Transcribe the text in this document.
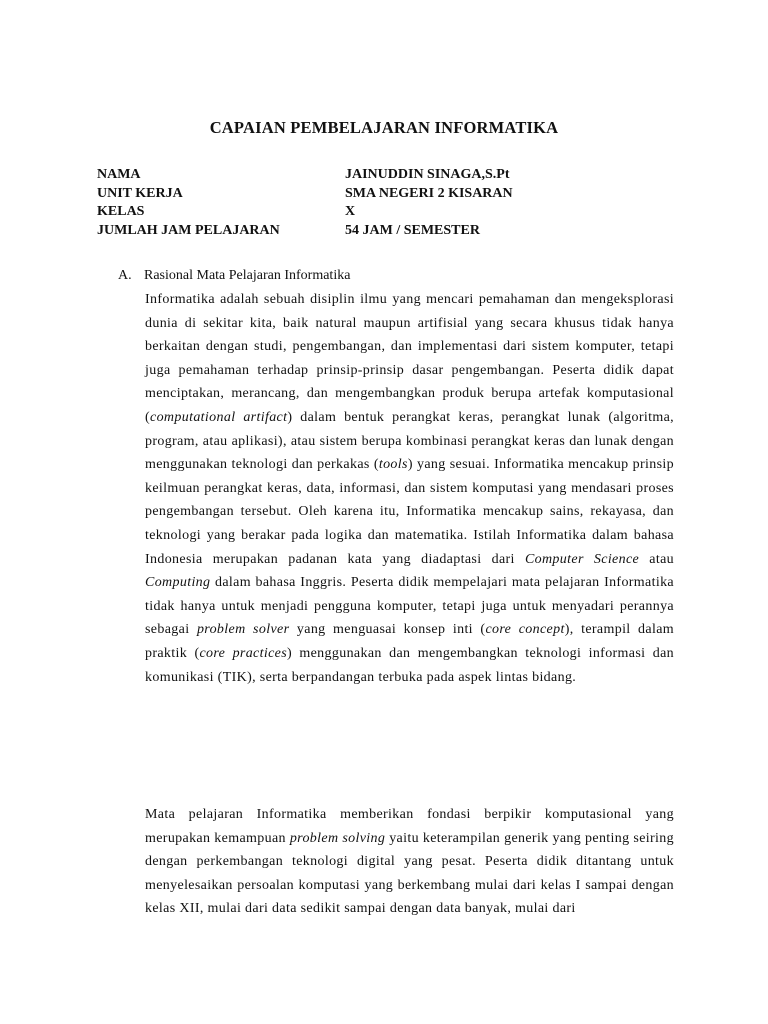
CAPAIAN PEMBELAJARAN INFORMATIKA
NAMA	JAINUDDIN SINAGA,S.Pt
UNIT KERJA	SMA NEGERI 2 KISARAN
KELAS	X
JUMLAH JAM PELAJARAN	54 JAM / SEMESTER
A. Rasional Mata Pelajaran Informatika
Informatika adalah sebuah disiplin ilmu yang mencari pemahaman dan mengeksplorasi dunia di sekitar kita, baik natural maupun artifisial yang secara khusus tidak hanya berkaitan dengan studi, pengembangan, dan implementasi dari sistem komputer, tetapi juga pemahaman terhadap prinsip-prinsip dasar pengembangan. Peserta didik dapat menciptakan, merancang, dan mengembangkan produk berupa artefak komputasional (computational artifact) dalam bentuk perangkat keras, perangkat lunak (algoritma, program, atau aplikasi), atau sistem berupa kombinasi perangkat keras dan lunak dengan menggunakan teknologi dan perkakas (tools) yang sesuai. Informatika mencakup prinsip keilmuan perangkat keras, data, informasi, dan sistem komputasi yang mendasari proses pengembangan tersebut. Oleh karena itu, Informatika mencakup sains, rekayasa, dan teknologi yang berakar pada logika dan matematika. Istilah Informatika dalam bahasa Indonesia merupakan padanan kata yang diadaptasi dari Computer Science atau Computing dalam bahasa Inggris. Peserta didik mempelajari mata pelajaran Informatika tidak hanya untuk menjadi pengguna komputer, tetapi juga untuk menyadari perannya sebagai problem solver yang menguasai konsep inti (core concept), terampil dalam praktik (core practices) menggunakan dan mengembangkan teknologi informasi dan komunikasi (TIK), serta berpandangan terbuka pada aspek lintas bidang.
Mata pelajaran Informatika memberikan fondasi berpikir komputasional yang merupakan kemampuan problem solving yaitu keterampilan generik yang penting seiring dengan perkembangan teknologi digital yang pesat. Peserta didik ditantang untuk menyelesaikan persoalan komputasi yang berkembang mulai dari kelas I sampai dengan kelas XII, mulai dari data sedikit sampai dengan data banyak, mulai dari
